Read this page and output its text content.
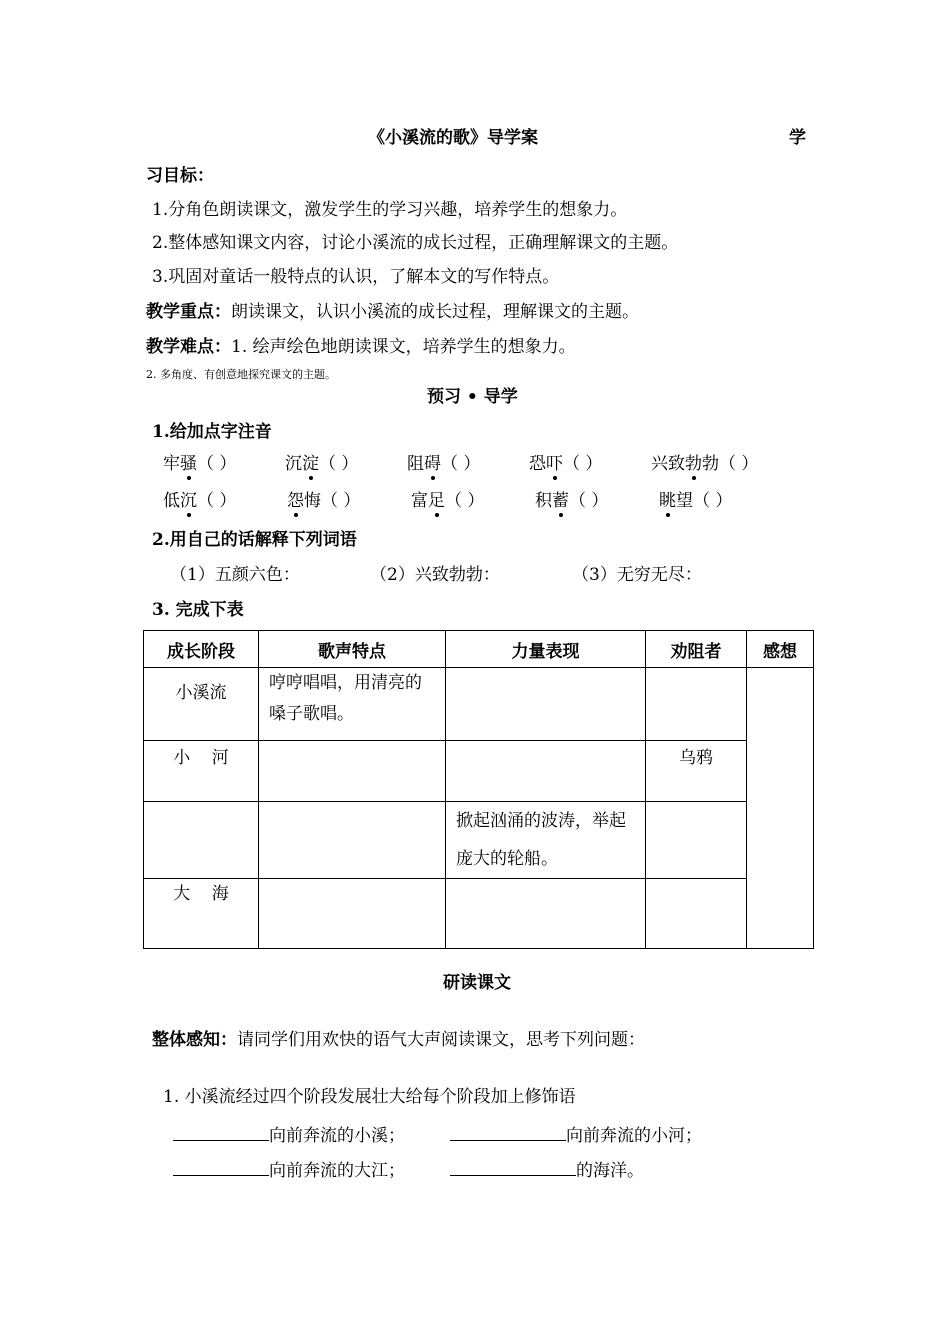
《小溪流的歌》导学案	学
习目标：
1.分角色朗读课文，激发学生的学习兴趣，培养学生的想象力。
2.整体感知课文内容，讨论小溪流的成长过程，正确理解课文的主题。
3.巩固对童话一般特点的认识，了解本文的写作特点。
教学重点：朗读课文，认识小溪流的成长过程，理解课文的主题。
教学难点：1. 绘声绘色地朗读课文，培养学生的想象力。
2. 多角度、有创意地探究课文的主题。
预习 • 导学
1.给加点字注音
牢骚（ ）	沉淀（ ）	阻碍（ ）	恐吓（ ）	兴致勃勃（ ）
低沉（ ）	怨悔（ ）	富足（ ）	积蓄（ ）	眺望（ ）
2.用自己的话解释下列词语
（1）五颜六色：	（2）兴致勃勃：	（3）无穷无尽：
3. 完成下表
成长阶段	歌声特点	力量表现	劝阻者	感想
小溪流	哼哼唱唱，用清亮的嗓子歌唱。			
小    河			乌鸦	
		掀起汹涌的波涛，举起庞大的轮船。		
大    海				
研读课文
整体感知：请同学们用欢快的语气大声阅读课文，思考下列问题：
1. 小溪流经过四个阶段发展壮大给每个阶段加上修饰语
向前奔流的小溪；	向前奔流的小河；
向前奔流的大江；	的海洋。
